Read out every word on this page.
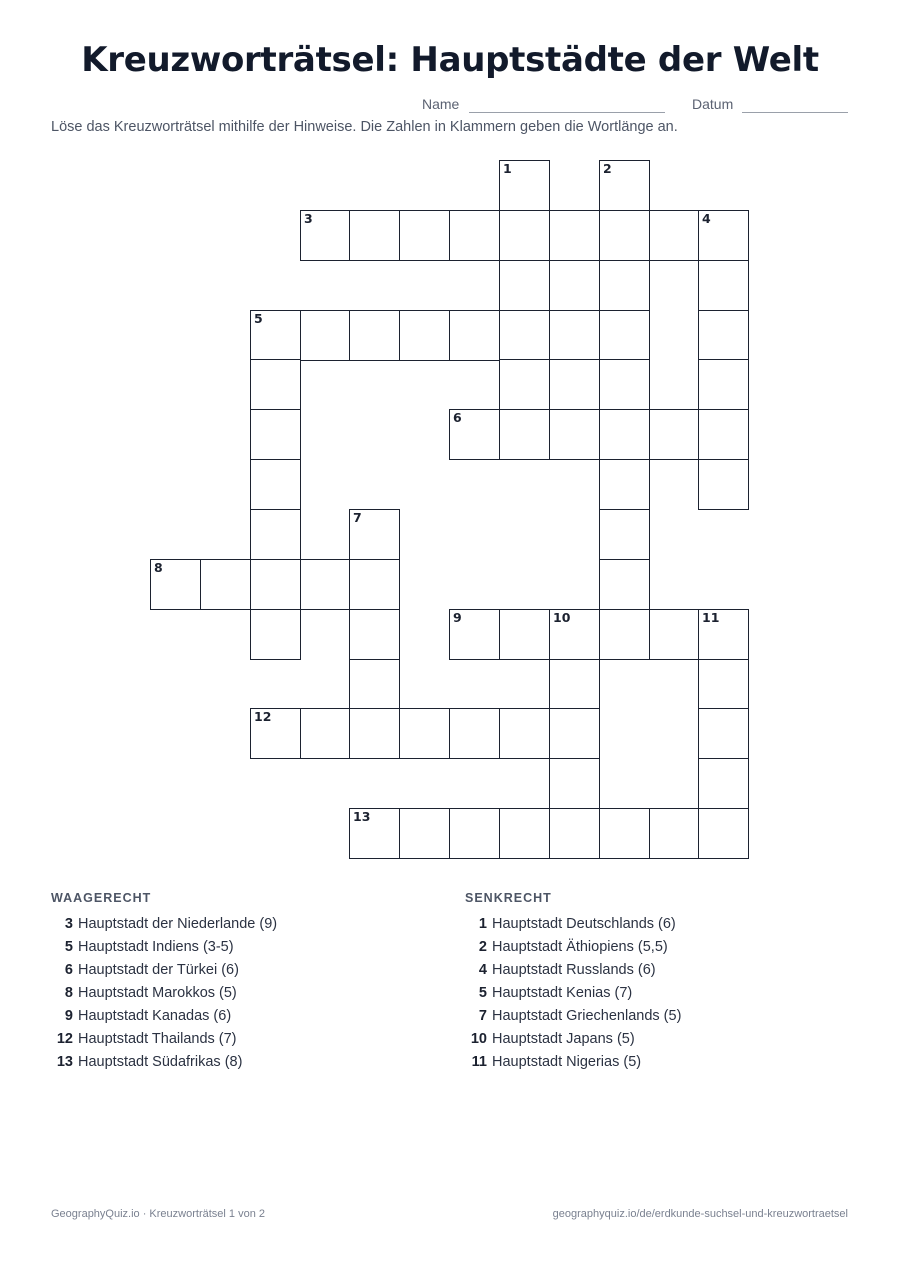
Kreuzworträtsel: Hauptstädte der Welt
Name	Datum
Löse das Kreuzworträtsel mithilfe der Hinweise. Die Zahlen in Klammern geben die Wortlänge an.
1	2
3	4
5
6
7
8
9	10	11
12
13
WAAGERECHT
3 Hauptstadt der Niederlande (9)
5 Hauptstadt Indiens (3-5)
6 Hauptstadt der Türkei (6)
8 Hauptstadt Marokkos (5)
9 Hauptstadt Kanadas (6)
12 Hauptstadt Thailands (7)
13 Hauptstadt Südafrikas (8)
SENKRECHT
1 Hauptstadt Deutschlands (6)
2 Hauptstadt Äthiopiens (5,5)
4 Hauptstadt Russlands (6)
5 Hauptstadt Kenias (7)
7 Hauptstadt Griechenlands (5)
10 Hauptstadt Japans (5)
11 Hauptstadt Nigerias (5)
GeographyQuiz.io · Kreuzworträtsel 1 von 2	geographyquiz.io/de/erdkunde-suchsel-und-kreuzwortraetsel
